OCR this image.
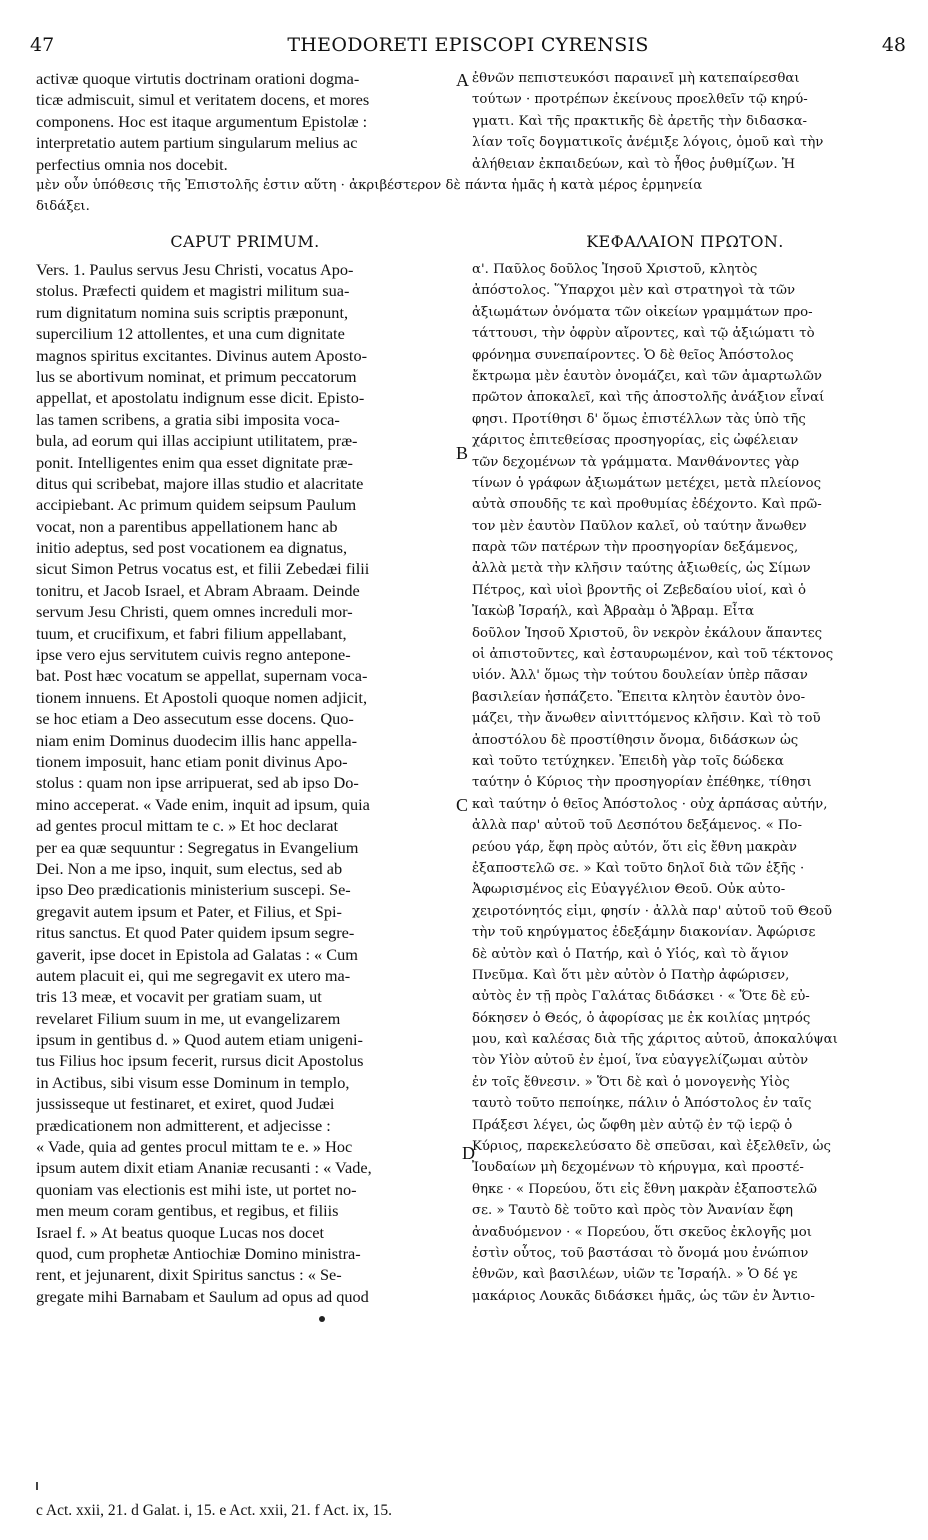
47	THEODORETI EPISCOPI CYRENSIS	48
activæ quoque virtutis doctrinam orationi dogma-
ticæ admiscuit, simul et veritatem docens, et mores
componens. Hoc est itaque argumentum Epistolæ :
interpretatio autem partium singularum melius ac
perfectius omnia nos docebit.
ἐθνῶν πεπιστευκόσι παραινεῖ μὴ κατεπαίρεσθαι
τούτων · προτρέπων ἐκείνους προελθεῖν τῷ κηρύ-
γματι. Καὶ τῆς πρακτικῆς δὲ ἀρετῆς τὴν διδασκα-
λίαν τοῖς δογματικοῖς ἀνέμιξε λόγοις, ὁμοῦ καὶ τὴν
ἀλήθειαν ἐκπαιδεύων, καὶ τὸ ἦθος ῥυθμίζων. Ἡ
A
μὲν οὖν ὑπόθεσις τῆς Ἐπιστολῆς ἐστιν αὕτη · ἀκριβέστερον δὲ πάντα ἡμᾶς ἡ κατὰ μέρος ἑρμηνεία
διδάξει.
CAPUT PRIMUM.	ΚΕΦΑΛΑΙΟΝ ΠΡΩΤΟΝ.
Vers. 1. Paulus servus Jesu Christi, vocatus Apo-
stolus. Præfecti quidem et magistri militum sua-
rum dignitatum nomina suis scriptis præponunt,
supercilium 12 attollentes, et una cum dignitate
magnos spiritus excitantes. Divinus autem Aposto-
lus se abortivum nominat, et primum peccatorum
appellat, et apostolatu indignum esse dicit. Episto-
las tamen scribens, a gratia sibi imposita voca-
bula, ad eorum qui illas accipiunt utilitatem, præ-
ponit. Intelligentes enim qua esset dignitate præ-
ditus qui scribebat, majore illas studio et alacritate
accipiebant. Ac primum quidem seipsum Paulum
vocat, non a parentibus appellationem hanc ab
initio adeptus, sed post vocationem ea dignatus,
sicut Simon Petrus vocatus est, et filii Zebedæi filii
tonitru, et Jacob Israel, et Abram Abraam. Deinde
servum Jesu Christi, quem omnes increduli mor-
tuum, et crucifixum, et fabri filium appellabant,
ipse vero ejus servitutem cuivis regno antepone-
bat. Post hæc vocatum se appellat, supernam voca-
tionem innuens. Et Apostoli quoque nomen adjicit,
se hoc etiam a Deo assecutum esse docens. Quo-
niam enim Dominus duodecim illis hanc appella-
tionem imposuit, hanc etiam ponit divinus Apo-
stolus : quam non ipse arripuerat, sed ab ipso Do-
mino acceperat. « Vade enim, inquit ad ipsum, quia
ad gentes procul mittam te c. » Et hoc declarat
per ea quæ sequuntur : Segregatus in Evangelium
Dei. Non a me ipso, inquit, sum electus, sed ab
ipso Deo prædicationis ministerium suscepi. Se-
gregavit autem ipsum et Pater, et Filius, et Spi-
ritus sanctus. Et quod Pater quidem ipsum segre-
gaverit, ipse docet in Epistola ad Galatas : « Cum
autem placuit ei, qui me segregavit ex utero ma-
tris 13 meæ, et vocavit per gratiam suam, ut
revelaret Filium suum in me, ut evangelizarem
ipsum in gentibus d. » Quod autem etiam unigeni-
tus Filius hoc ipsum fecerit, rursus dicit Apostolus
in Actibus, sibi visum esse Dominum in templo,
jussisseque ut festinaret, et exiret, quod Judæi
prædicationem non admitterent, et adjecisse :
« Vade, quia ad gentes procul mittam te e. » Hoc
ipsum autem dixit etiam Ananiæ recusanti : « Vade,
quoniam vas electionis est mihi iste, ut portet no-
men meum coram gentibus, et regibus, et filiis
Israel f. » At beatus quoque Lucas nos docet
quod, cum prophetæ Antiochiæ Domino ministra-
rent, et jejunarent, dixit Spiritus sanctus : « Se-
gregate mihi Barnabam et Saulum ad opus ad quod
α'. Παῦλος δοῦλος Ἰησοῦ Χριστοῦ, κλητὸς
ἀπόστολος. Ὕπαρχοι μὲν καὶ στρατηγοὶ τὰ τῶν
ἀξιωμάτων ὀνόματα τῶν οἰκείων γραμμάτων προ-
τάττουσι, τὴν ὀφρὺν αἴροντες, καὶ τῷ ἀξιώματι τὸ
φρόνημα συνεπαίροντες. Ὁ δὲ θεῖος Ἀπόστολος
ἔκτρωμα μὲν ἑαυτὸν ὀνομάζει, καὶ τῶν ἁμαρτωλῶν
πρῶτον ἀποκαλεῖ, καὶ τῆς ἀποστολῆς ἀνάξιον εἶναί
φησι. Προτίθησι δ' ὅμως ἐπιστέλλων τὰς ὑπὸ τῆς
χάριτος ἐπιτεθείσας προσηγορίας, εἰς ὠφέλειαν
τῶν δεχομένων τὰ γράμματα. Μανθάνοντες γὰρ
τίνων ὁ γράφων ἀξιωμάτων μετέχει, μετὰ πλείονος
αὐτὰ σπουδῆς τε καὶ προθυμίας ἐδέχοντο. Καὶ πρῶ-
τον μὲν ἑαυτὸν Παῦλον καλεῖ, οὐ ταύτην ἄνωθεν
παρὰ τῶν πατέρων τὴν προσηγορίαν δεξάμενος,
ἀλλὰ μετὰ τὴν κλῆσιν ταύτης ἀξιωθείς, ὡς Σίμων
Πέτρος, καὶ υἱοὶ βροντῆς οἱ Ζεβεδαίου υἱοί, καὶ ὁ
Ἰακὼβ Ἰσραήλ, καὶ Ἀβραὰμ ὁ Ἄβραμ. Εἶτα
δοῦλον Ἰησοῦ Χριστοῦ, ὃν νεκρὸν ἐκάλουν ἅπαντες
οἱ ἀπιστοῦντες, καὶ ἐσταυρωμένον, καὶ τοῦ τέκτονος
υἱόν. Ἀλλ' ὅμως τὴν τούτου δουλείαν ὑπὲρ πᾶσαν
βασιλείαν ἠσπάζετο. Ἔπειτα κλητὸν ἑαυτὸν ὀνο-
μάζει, τὴν ἄνωθεν αἰνιττόμενος κλῆσιν. Καὶ τὸ τοῦ
ἀποστόλου δὲ προστίθησιν ὄνομα, διδάσκων ὡς
καὶ τοῦτο τετύχηκεν. Ἐπειδὴ γὰρ τοῖς δώδεκα
ταύτην ὁ Κύριος τὴν προσηγορίαν ἐπέθηκε, τίθησι
καὶ ταύτην ὁ θεῖος Ἀπόστολος · οὐχ ἁρπάσας αὐτήν,
ἀλλὰ παρ' αὐτοῦ τοῦ Δεσπότου δεξάμενος. « Πο-
ρεύου γάρ, ἔφη πρὸς αὐτόν, ὅτι εἰς ἔθνη μακρὰν
ἐξαποστελῶ σε. » Καὶ τοῦτο δηλοῖ διὰ τῶν ἑξῆς ·
Ἀφωρισμένος εἰς Εὐαγγέλιον Θεοῦ. Οὐκ αὐτο-
χειροτόνητός εἰμι, φησίν · ἀλλὰ παρ' αὐτοῦ τοῦ Θεοῦ
τὴν τοῦ κηρύγματος ἐδεξάμην διακονίαν. Ἀφώρισε
δὲ αὐτὸν καὶ ὁ Πατήρ, καὶ ὁ Υἱός, καὶ τὸ ἅγιον
Πνεῦμα. Καὶ ὅτι μὲν αὐτὸν ὁ Πατὴρ ἀφώρισεν,
αὐτὸς ἐν τῇ πρὸς Γαλάτας διδάσκει · « Ὅτε δὲ εὐ-
δόκησεν ὁ Θεός, ὁ ἀφορίσας με ἐκ κοιλίας μητρός
μου, καὶ καλέσας διὰ τῆς χάριτος αὐτοῦ, ἀποκαλύψαι
τὸν Υἱὸν αὐτοῦ ἐν ἐμοί, ἵνα εὐαγγελίζωμαι αὐτὸν
ἐν τοῖς ἔθνεσιν. » Ὅτι δὲ καὶ ὁ μονογενὴς Υἱὸς
ταυτὸ τοῦτο πεποίηκε, πάλιν ὁ Ἀπόστολος ἐν ταῖς
Πράξεσι λέγει, ὡς ὤφθη μὲν αὐτῷ ἐν τῷ ἱερῷ ὁ
Κύριος, παρεκελεύσατο δὲ σπεῦσαι, καὶ ἐξελθεῖν, ὡς
Ἰουδαίων μὴ δεχομένων τὸ κήρυγμα, καὶ προστέ-
θηκε · « Πορεύου, ὅτι εἰς ἔθνη μακρὰν ἐξαποστελῶ
σε. » Ταυτὸ δὲ τοῦτο καὶ πρὸς τὸν Ἀνανίαν ἔφη
ἀναδυόμενον · « Πορεύου, ὅτι σκεῦος ἐκλογῆς μοι
ἐστὶν οὗτος, τοῦ βαστάσαι τὸ ὄνομά μου ἐνώπιον
ἐθνῶν, καὶ βασιλέων, υἱῶν τε Ἰσραήλ. » Ὁ δέ γε
μακάριος Λουκᾶς διδάσκει ἡμᾶς, ὡς τῶν ἐν Ἀντιο-
B
C
D
c Act. xxii, 21. d Galat. i, 15. e Act. xxii, 21. f Act. ix, 15.
